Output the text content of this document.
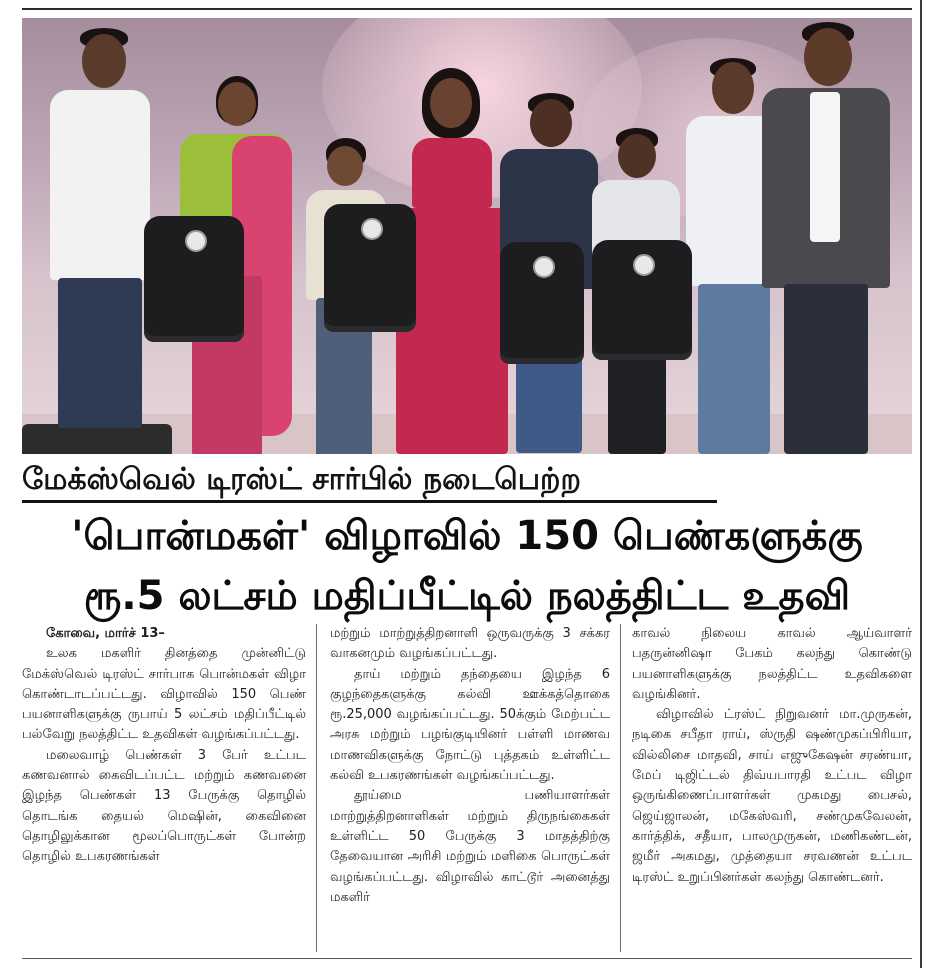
மேக்ஸ்வெல் டிரஸ்ட் சார்பில் நடைபெற்ற
'பொன்மகள்' விழாவில் 150 பெண்களுக்கு
ரூ.5 லட்சம் மதிப்பீட்டில் நலத்திட்ட உதவி

கோவை, மார்ச் 13–

உலக மகளிர் தினத்தை முன்னிட்டு மேக்ஸ்வெல் டிரஸ்ட் சார்பாக பொன்மகள் விழா கொண்டாடப்பட்டது. விழாவில் 150 பெண் பயனாளிகளுக்கு ருபாய் 5 லட்சம் மதிப்பீட்டில் பல்வேறு நலத்திட்ட உதவிகள் வழங்கப்பட்டது.

மலைவாழ் பெண்கள் 3 பேர் உட்பட கணவனால் கைவிடப்பட்ட மற்றும் கணவனை இழந்த பெண்கள் 13 பேருக்கு தொழில் தொடங்க தையல் மெஷின், கைவினை தொழிலுக்கான மூலப்பொருட்கள் போன்ற தொழில் உபகரணங்கள்

மற்றும் மாற்றுத்திறனாளி ஒருவருக்கு 3 சக்கர வாகனமும் வழங்கப்பட்டது.

தாய் மற்றும் தந்தையை இழந்த 6 குழந்தைகளுக்கு கல்வி ஊக்கத்தொகை ரூ.25,000 வழங்கப்பட்டது. 50க்கும் மேற்பட்ட அரசு மற்றும் பழங்குடியினர் பள்ளி மாணவ மாணவிகளுக்கு நோட்டு புத்தகம் உள்ளிட்ட கல்வி உபகரணங்கள் வழங்கப்பட்டது.

தூய்மை பணியாளர்கள் மாற்றுத்திறனாளிகள் மற்றும் திருநங்கைகள் உள்ளிட்ட 50 பேருக்கு 3 மாதத்திற்கு தேவையான அரிசி மற்றும் மளிகை பொருட்கள் வழங்கப்பட்டது. விழாவில் காட்டூர் அனைத்து மகளிர்

காவல் நிலைய காவல் ஆய்வாளர் பதருன்னிஷா பேகம் கலந்து கொண்டு பயனாளிகளுக்கு நலத்திட்ட உதவிகளை வழங்கினர்.

விழாவில் ட்ரஸ்ட் நிறுவனர் மா.முருகன், நடிகை சபீதா ராய், ஸ்ருதி ஷண்முகப்பிரியா, வில்லிசை மாதவி, சாய் எஜுகேஷன் சரண்யா, மேப் டிஜிட்டல் திவ்யபாரதி உட்பட விழா ஒருங்கிணைப்பாளர்கள் முகமது பைசல், ஜெய்ஜாலன், மகேஸ்வரி, சண்முகவேலன், கார்த்திக், சதீயா, பாலமுருகன், மணிகண்டன், ஜமீர் அகமது, முத்தையா சரவணன் உட்பட டிரஸ்ட் உறுப்பினர்கள் கலந்து கொண்டனர்.
